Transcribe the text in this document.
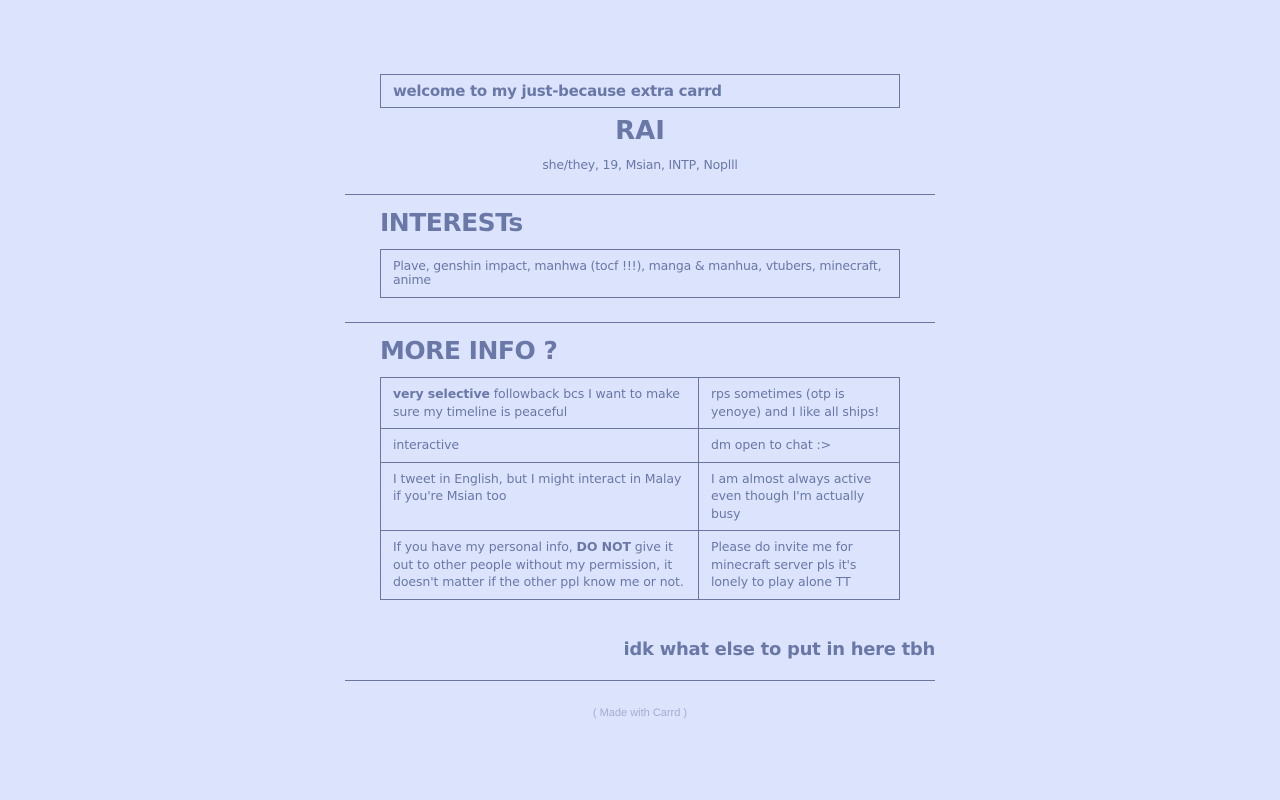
welcome to my just-because extra carrd
RAI
she/they, 19, Msian, INTP, Noplll
INTERESTs
Plave, genshin impact, manhwa (tocf !!!), manga & manhua, vtubers, minecraft, anime
MORE INFO ?
very selective followback bcs I want to make sure my timeline is peaceful	rps sometimes (otp is yenoye) and I like all ships!
interactive	dm open to chat :>
I tweet in English, but I might interact in Malay if you're Msian too	I am almost always active even though I'm actually busy
If you have my personal info, DO NOT give it out to other people without my permission, it doesn't matter if the other ppl know me or not.	Please do invite me for minecraft server pls it's lonely to play alone TT
idk what else to put in here tbh
( Made with Carrd )
